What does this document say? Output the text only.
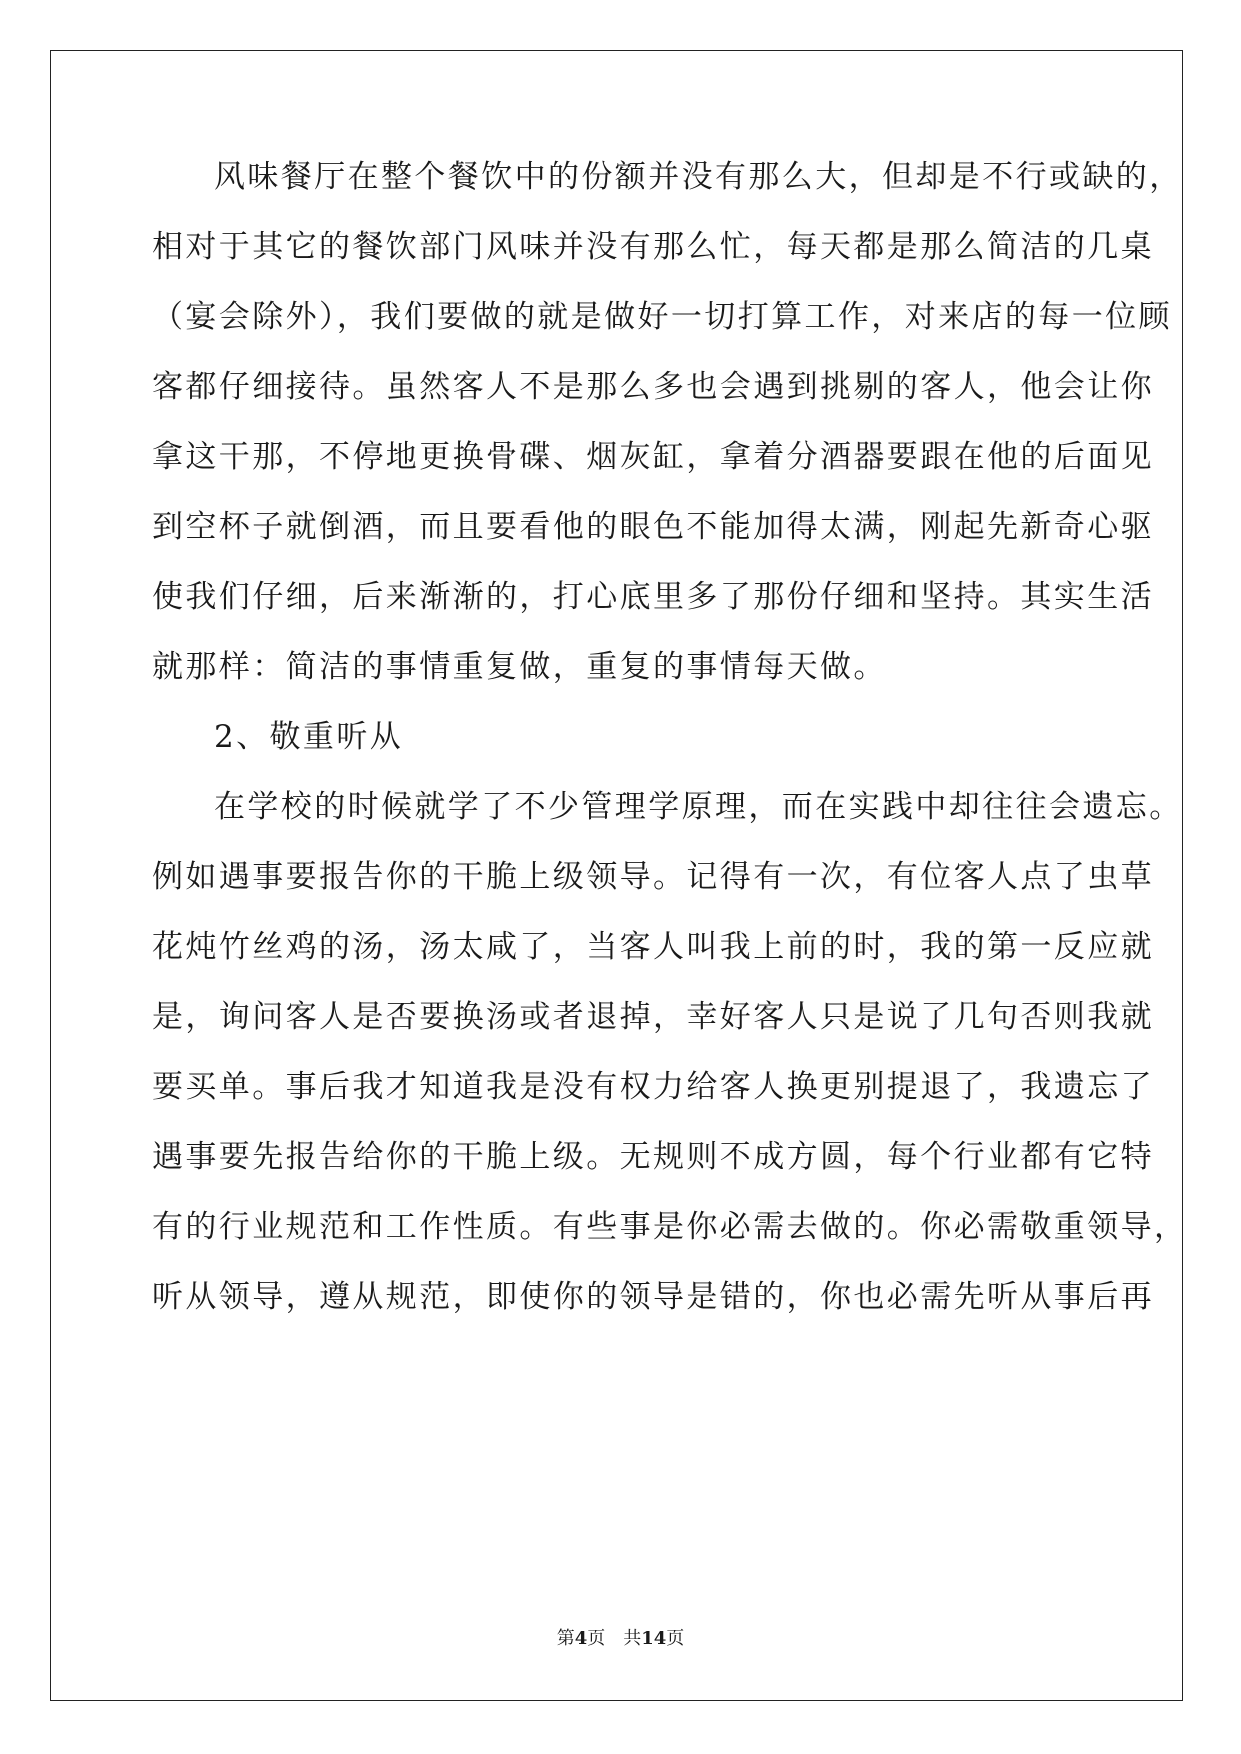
风味餐厅在整个餐饮中的份额并没有那么大，但却是不行或缺的，
相对于其它的餐饮部门风味并没有那么忙，每天都是那么简洁的几桌
（宴会除外），我们要做的就是做好一切打算工作，对来店的每一位顾
客都仔细接待。虽然客人不是那么多也会遇到挑剔的客人，他会让你
拿这干那，不停地更换骨碟、烟灰缸，拿着分酒器要跟在他的后面见
到空杯子就倒酒，而且要看他的眼色不能加得太满，刚起先新奇心驱
使我们仔细，后来渐渐的，打心底里多了那份仔细和坚持。其实生活
就那样：简洁的事情重复做，重复的事情每天做。
2、敬重听从
在学校的时候就学了不少管理学原理，而在实践中却往往会遗忘。
例如遇事要报告你的干脆上级领导。记得有一次，有位客人点了虫草
花炖竹丝鸡的汤，汤太咸了，当客人叫我上前的时，我的第一反应就
是，询问客人是否要换汤或者退掉，幸好客人只是说了几句否则我就
要买单。事后我才知道我是没有权力给客人换更别提退了，我遗忘了
遇事要先报告给你的干脆上级。无规则不成方圆，每个行业都有它特
有的行业规范和工作性质。有些事是你必需去做的。你必需敬重领导，
听从领导，遵从规范，即使你的领导是错的，你也必需先听从事后再
第4页 共14页
